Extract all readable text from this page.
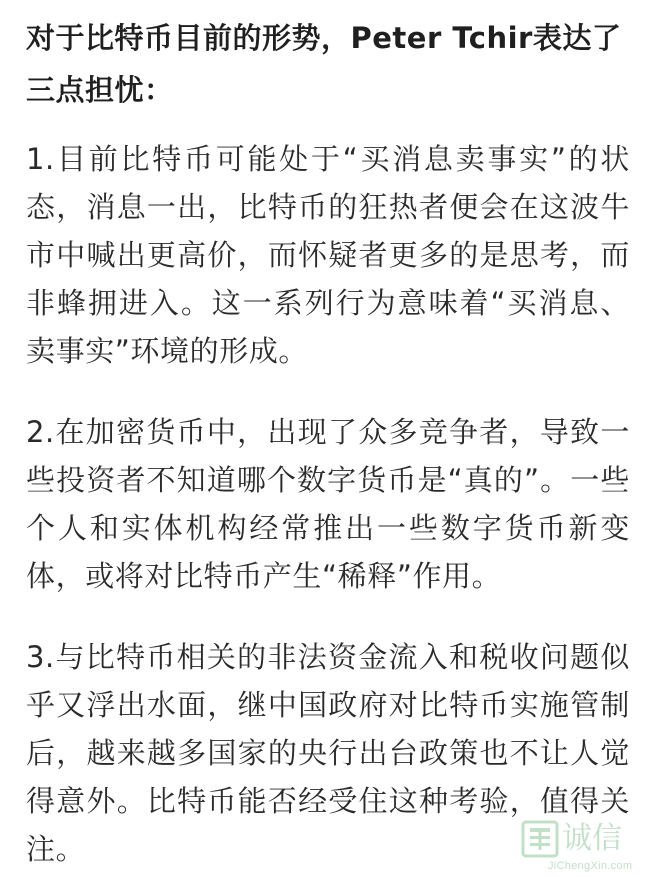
对于比特币目前的形势，Peter Tchir表达了三点担忧：

1.目前比特币可能处于“买消息卖事实”的状态，消息一出，比特币的狂热者便会在这波牛市中喊出更高价，而怀疑者更多的是思考，而非蜂拥进入。这一系列行为意味着“买消息、卖事实”环境的形成。

2.在加密货币中，出现了众多竞争者，导致一些投资者不知道哪个数字货币是“真的”。一些个人和实体机构经常推出一些数字货币新变体，或将对比特币产生“稀释”作用。

3.与比特币相关的非法资金流入和税收问题似乎又浮出水面，继中国政府对比特币实施管制后，越来越多国家的央行出台政策也不让人觉得意外。比特币能否经受住这种考验，值得关注。	诚信
JiChengXin.com
